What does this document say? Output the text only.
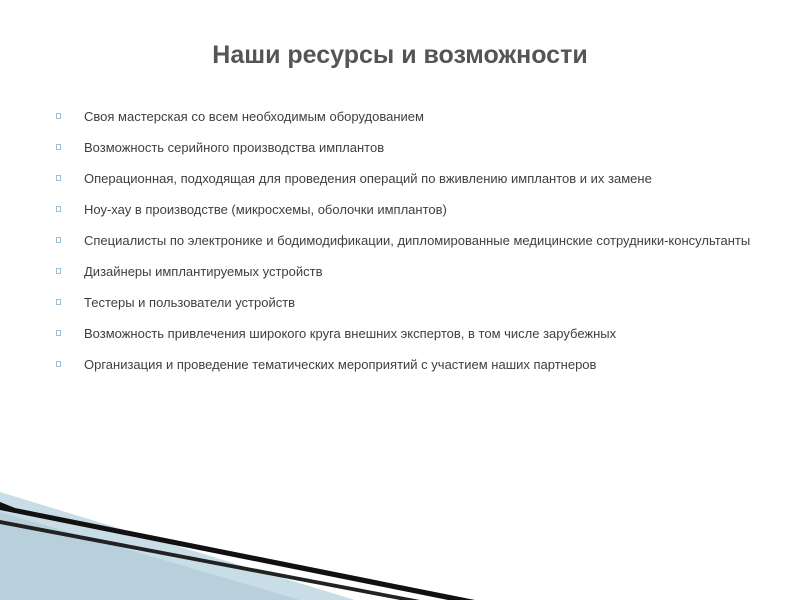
Наши ресурсы и возможности
Своя мастерская со всем необходимым оборудованием
Возможность серийного производства имплантов
Операционная, подходящая для проведения операций по вживлению имплантов и их замене
Ноу-хау в производстве (микросхемы, оболочки имплантов)
Специалисты по электронике и бодимодификации, дипломированные медицинские сотрудники-консультанты
Дизайнеры имплантируемых устройств
Тестеры и пользователи устройств
Возможность привлечения широкого круга внешних экспертов, в том числе зарубежных
Организация и проведение тематических мероприятий с участием наших партнеров
